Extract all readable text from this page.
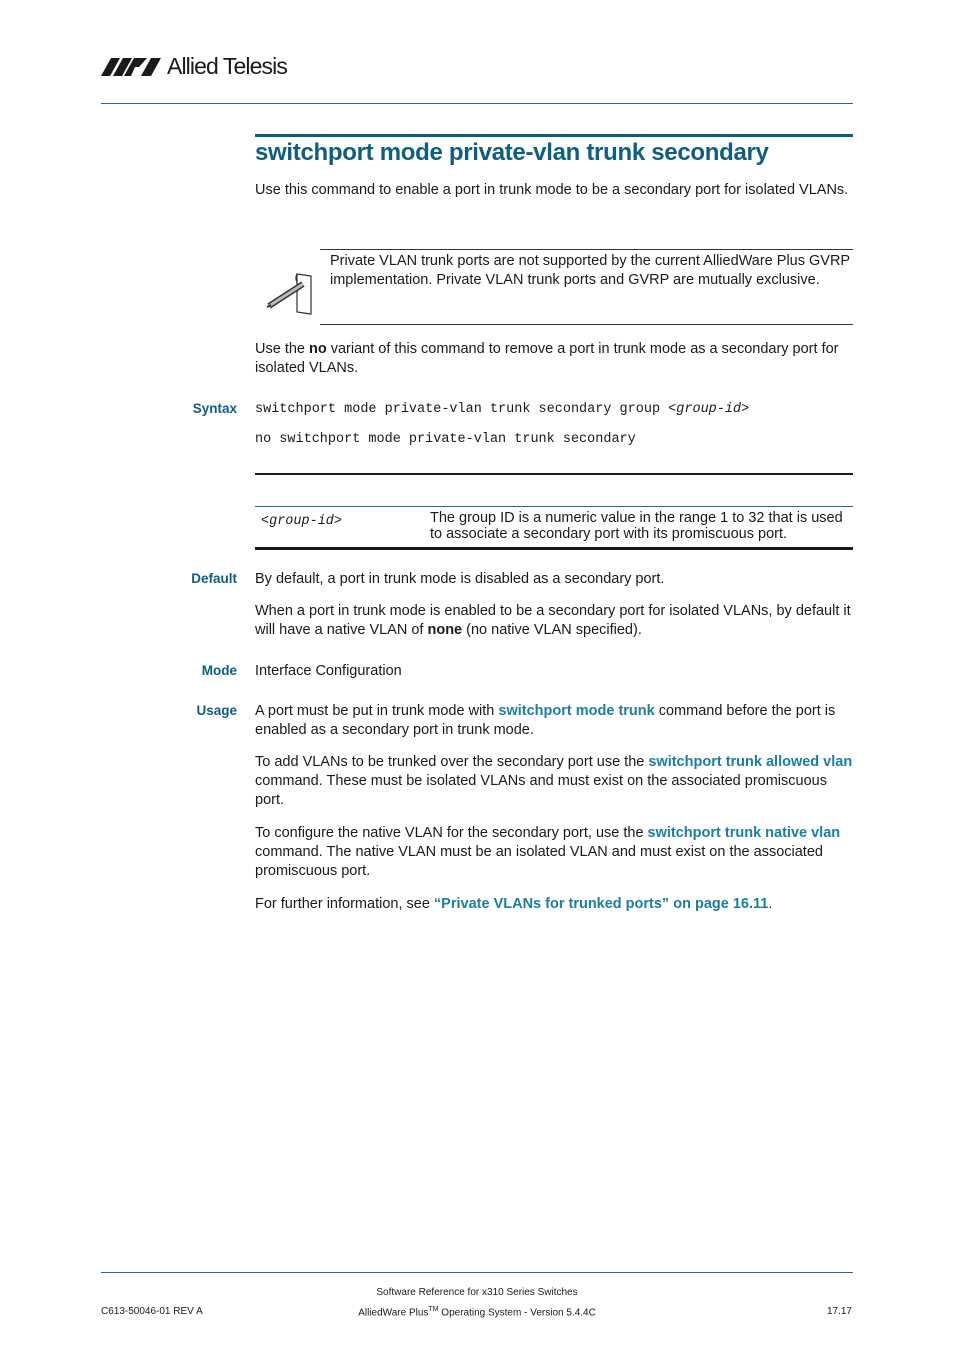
Allied Telesis
switchport mode private-vlan trunk secondary
Use this command to enable a port in trunk mode to be a secondary port for isolated VLANs.
Private VLAN trunk ports are not supported by the current AlliedWare Plus GVRP implementation. Private VLAN trunk ports and GVRP are mutually exclusive.
Use the no variant of this command to remove a port in trunk mode as a secondary port for isolated VLANs.
Syntax switchport mode private-vlan trunk secondary group <group-id>
no switchport mode private-vlan trunk secondary
<group-id>	The group ID is a numeric value in the range 1 to 32 that is used to associate a secondary port with its promiscuous port.
Default By default, a port in trunk mode is disabled as a secondary port.
When a port in trunk mode is enabled to be a secondary port for isolated VLANs, by default it will have a native VLAN of none (no native VLAN specified).
Mode Interface Configuration
Usage A port must be put in trunk mode with switchport mode trunk command before the port is enabled as a secondary port in trunk mode.
To add VLANs to be trunked over the secondary port use the switchport trunk allowed vlan command. These must be isolated VLANs and must exist on the associated promiscuous port.
To configure the native VLAN for the secondary port, use the switchport trunk native vlan command. The native VLAN must be an isolated VLAN and must exist on the associated promiscuous port.
For further information, see “Private VLANs for trunked ports” on page 16.11.
C613-50046-01 REV A
Software Reference for x310 Series Switches
AlliedWare Plus™ Operating System - Version 5.4.4C	17.17
